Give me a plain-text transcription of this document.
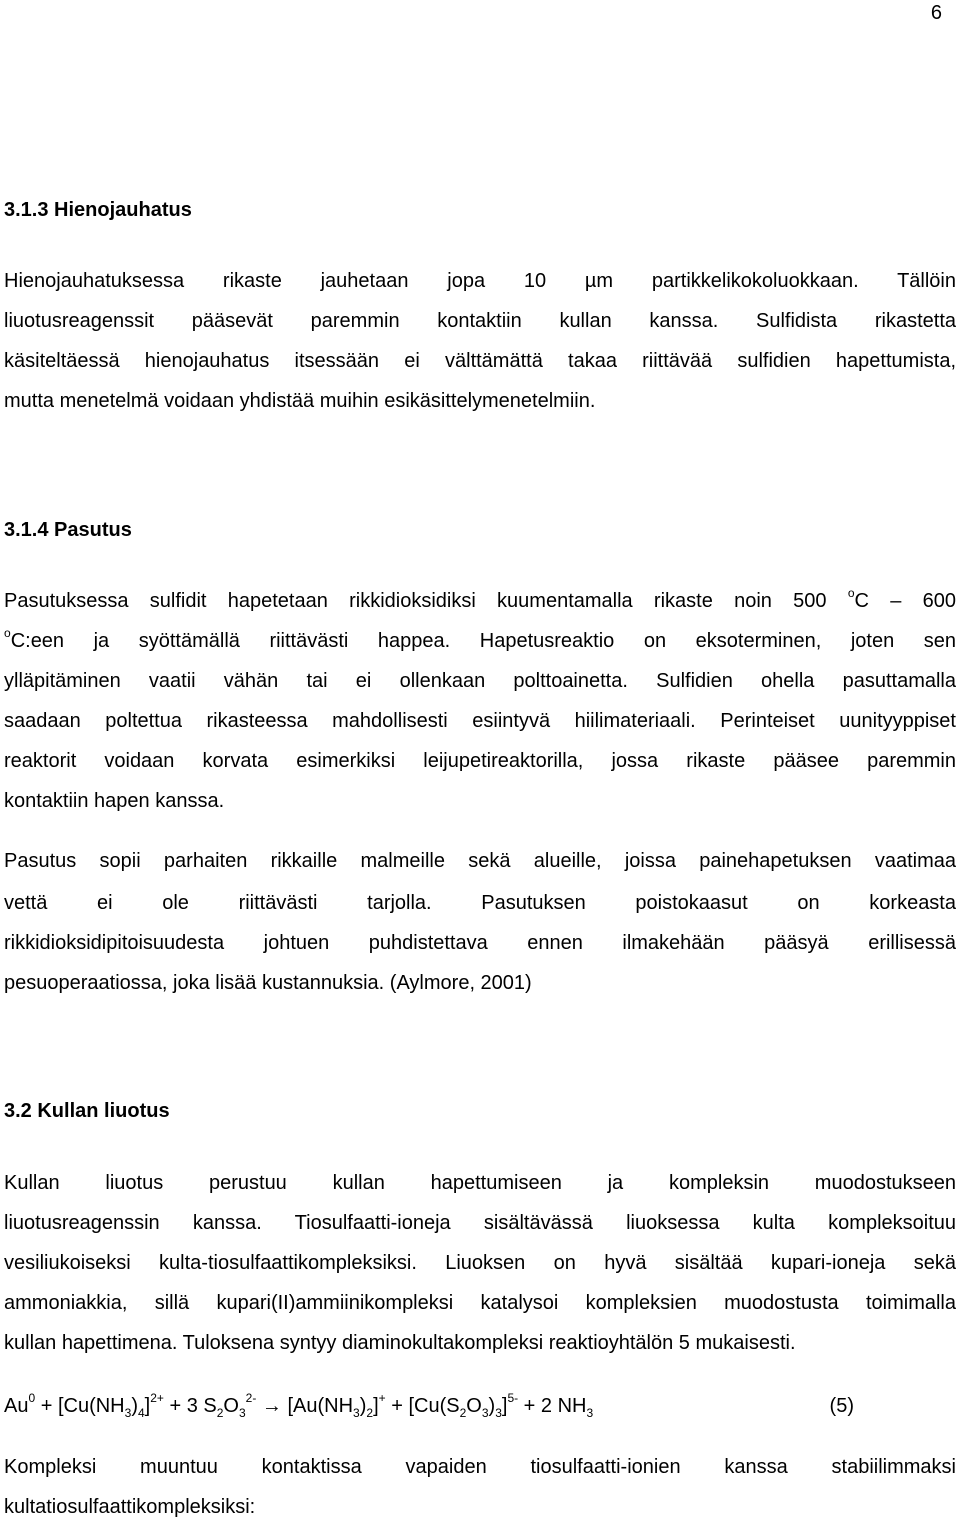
6
3.1.3 Hienojauhatus
Hienojauhatuksessa rikaste jauhetaan jopa 10 µm partikkelikokoluokkaan. Tällöin
liuotusreagenssit pääsevät paremmin kontaktiin kullan kanssa. Sulfidista rikastetta
käsiteltäessä hienojauhatus itsessään ei välttämättä takaa riittävää sulfidien hapettumista,
mutta menetelmä voidaan yhdistää muihin esikäsittelymenetelmiin.
3.1.4 Pasutus
Pasutuksessa sulfidit hapetetaan rikkidioksidiksi kuumentamalla rikaste noin 500 $^o$C – 600
$^o$C:een ja syöttämällä riittävästi happea. Hapetusreaktio on eksoterminen, joten sen
ylläpitäminen vaatii vähän tai ei ollenkaan polttoainetta. Sulfidien ohella pasuttamalla
saadaan poltettua rikasteessa mahdollisesti esiintyvä hiilimateriaali. Perinteiset uunityyppiset
reaktorit voidaan korvata esimerkiksi leijupetireaktorilla, jossa rikaste pääsee paremmin
kontaktiin hapen kanssa.
Pasutus sopii parhaiten rikkaille malmeille sekä alueille, joissa painehapetuksen vaatimaa
vettä ei ole riittävästi tarjolla. Pasutuksen poistokaasut on korkeasta
rikkidioksidipitoisuudesta johtuen puhdistettava ennen ilmakehään pääsyä erillisessä
pesuoperaatiossa, joka lisää kustannuksia. (Aylmore, 2001)
3.2 Kullan liuotus
Kullan liuotus perustuu kullan hapettumiseen ja kompleksin muodostukseen
liuotusreagenssin kanssa. Tiosulfaatti-ioneja sisältävässä liuoksessa kulta kompleksoituu
vesiliukoiseksi kulta-tiosulfaattikompleksiksi. Liuoksen on hyvä sisältää kupari-ioneja sekä
ammoniakkia, sillä kupari(II)ammiinikompleksi katalysoi kompleksien muodostusta toimimalla
kullan hapettimena. Tuloksena syntyy diaminokultakompleksi reaktioyhtälön 5 mukaisesti.
$Au^0 + [Cu(NH_3)_4]^{2+} + 3$ $S_2O_3^{2-} \to [Au(NH_3)_2]^+ + [Cu(S_2O_3)_3]^{5-} + 2$ $NH_3$	(5)
Kompleksi muuntuu kontaktissa vapaiden tiosulfaatti-ionien kanssa stabiilimmaksi
kultatiosulfaattikompleksiksi:
